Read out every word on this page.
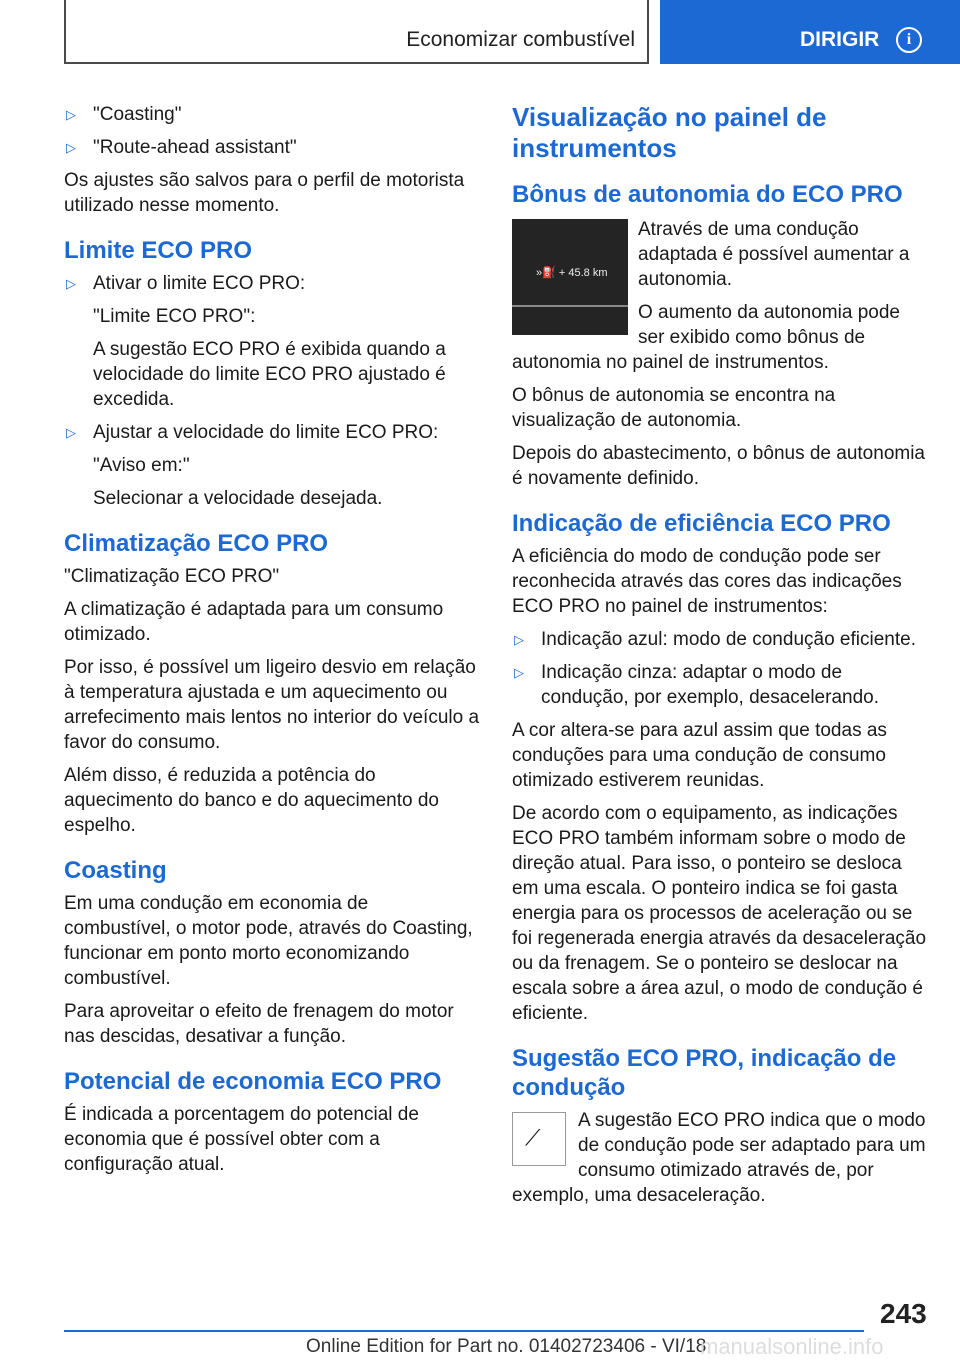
Economizar combustível	DIRIGIR	i
▷ "Coasting"
▷ "Route-ahead assistant"

Os ajustes são salvos para o perfil de motorista utilizado nesse momento.

Limite ECO PRO
▷ Ativar o limite ECO PRO:

"Limite ECO PRO":

A sugestão ECO PRO é exibida quando a velocidade do limite ECO PRO ajustado é excedida.

▷ Ajustar a velocidade do limite ECO PRO:

"Aviso em:"

Selecionar a velocidade desejada.

Climatização ECO PRO

"Climatização ECO PRO"

A climatização é adaptada para um consumo otimizado.

Por isso, é possível um ligeiro desvio em relação à temperatura ajustada e um aquecimento ou arrefecimento mais lentos no interior do veículo a favor do consumo.

Além disso, é reduzida a potência do aquecimento do banco e do aquecimento do espelho.

Coasting

Em uma condução em economia de combustível, o motor pode, através do Coasting, funcionar em ponto morto economizando combustível.

Para aproveitar o efeito de frenagem do motor nas descidas, desativar a função.

Potencial de economia ECO PRO

É indicada a porcentagem do potencial de economia que é possível obter com a configuração atual.

Visualização no painel de instrumentos
Bônus de autonomia do ECO PRO
»⛽ + 45.8 km

Através de uma condução adaptada é possível aumentar a autonomia.

O aumento da autonomia pode ser exibido como bônus de autonomia no painel de instrumentos.

O bônus de autonomia se encontra na visualização de autonomia.

Depois do abastecimento, o bônus de autonomia é novamente definido.

Indicação de eficiência ECO PRO

A eficiência do modo de condução pode ser reconhecida através das cores das indicações ECO PRO no painel de instrumentos:

▷ Indicação azul: modo de condução eficiente.
▷ Indicação cinza: adaptar o modo de condução, por exemplo, desacelerando.

A cor altera-se para azul assim que todas as conduções para uma condução de consumo otimizado estiverem reunidas.

De acordo com o equipamento, as indicações ECO PRO também informam sobre o modo de direção atual. Para isso, o ponteiro se desloca em uma escala. O ponteiro indica se foi gasta energia para os processos de aceleração ou se foi regenerada energia através da desaceleração ou da frenagem. Se o ponteiro se deslocar na escala sobre a área azul, o modo de condução é eficiente.

Sugestão ECO PRO, indicação de condução
⟋

A sugestão ECO PRO indica que o modo de condução pode ser adaptado para um consumo otimizado através de, por exemplo, uma desaceleração.

243
Online Edition for Part no. 01402723406 - VI/18
manualsonline.info
